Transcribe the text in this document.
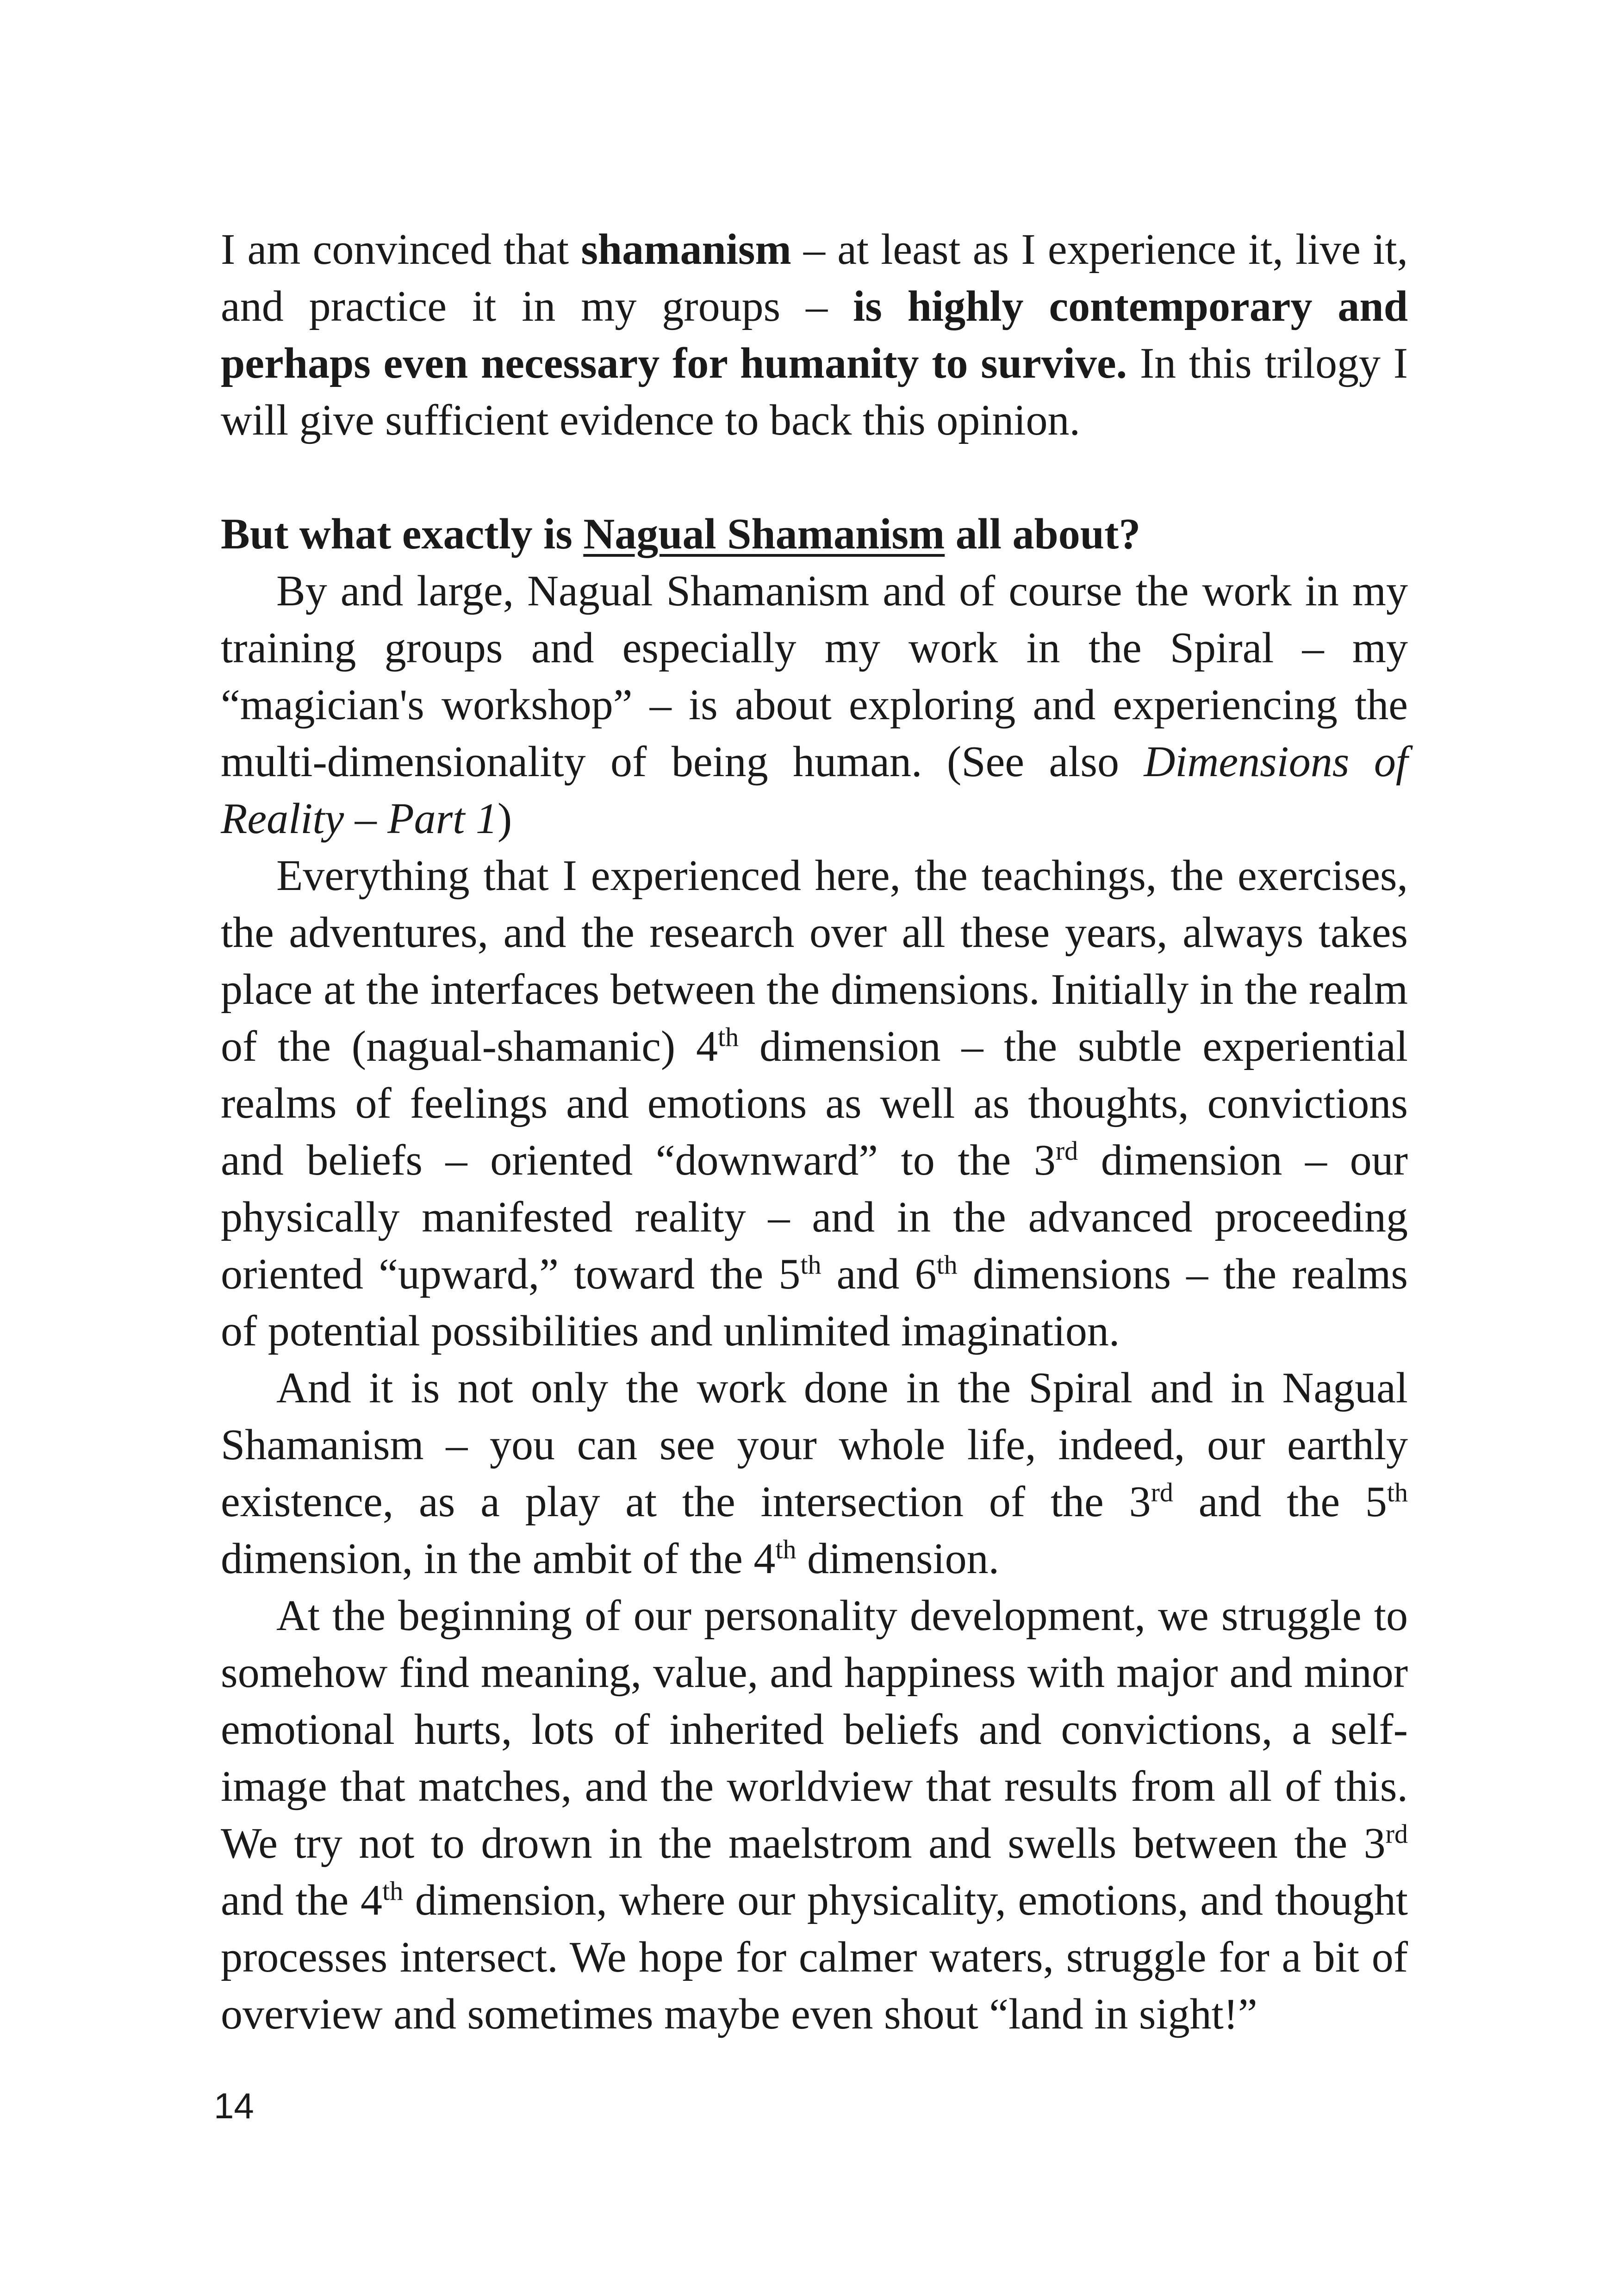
I am convinced that shamanism – at least as I experience it, live it, and practice it in my groups – is highly contemporary and perhaps even necessary for humanity to survive. In this trilogy I will give sufficient evidence to back this opinion.

But what exactly is Nagual Shamanism all about?

By and large, Nagual Shamanism and of course the work in my training groups and especially my work in the Spiral – my “magician's workshop” – is about exploring and experiencing the multi-dimensionality of being human. (See also Dimensions of Reality – Part 1)

Everything that I experienced here, the teachings, the exercises, the adventures, and the research over all these years, always takes place at the interfaces between the dimensions. Initially in the realm of the (nagual-shamanic) 4th dimension – the subtle experiential realms of feelings and emotions as well as thoughts, convictions and beliefs – oriented “downward” to the 3rd dimension – our physically manifested reality – and in the advanced proceeding oriented “upward,” toward the 5th and 6th dimensions – the realms of potential possibilities and unlimited imagination.

And it is not only the work done in the Spiral and in Nagual Shamanism – you can see your whole life, indeed, our earthly existence, as a play at the intersection of the 3rd and the 5th dimension, in the ambit of the 4th dimension.

At the beginning of our personality development, we struggle to somehow find meaning, value, and happiness with major and minor emotional hurts, lots of inherited beliefs and convictions, a self-image that matches, and the worldview that results from all of this. We try not to drown in the maelstrom and swells between the 3rd and the 4th dimension, where our physicality, emotions, and thought processes intersect. We hope for calmer waters, struggle for a bit of overview and sometimes maybe even shout “land in sight!”

14
